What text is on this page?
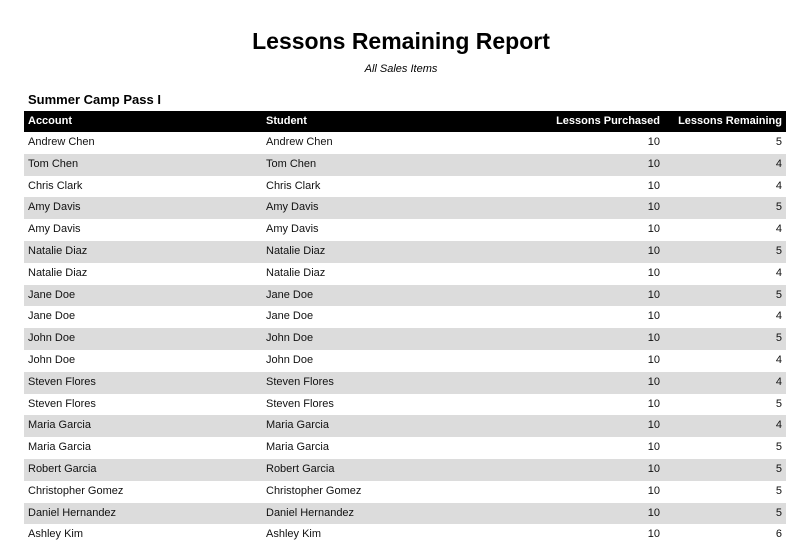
Lessons Remaining Report
All Sales Items
Summer Camp Pass I
Account	Student	Lessons Purchased	Lessons Remaining
Andrew Chen	Andrew Chen	10	5
Tom Chen	Tom Chen	10	4
Chris Clark	Chris Clark	10	4
Amy Davis	Amy Davis	10	5
Amy Davis	Amy Davis	10	4
Natalie Diaz	Natalie Diaz	10	5
Natalie Diaz	Natalie Diaz	10	4
Jane Doe	Jane Doe	10	5
Jane Doe	Jane Doe	10	4
John Doe	John Doe	10	5
John Doe	John Doe	10	4
Steven Flores	Steven Flores	10	4
Steven Flores	Steven Flores	10	5
Maria Garcia	Maria Garcia	10	4
Maria Garcia	Maria Garcia	10	5
Robert Garcia	Robert Garcia	10	5
Christopher Gomez	Christopher Gomez	10	5
Daniel Hernandez	Daniel Hernandez	10	5
Ashley Kim	Ashley Kim	10	6
